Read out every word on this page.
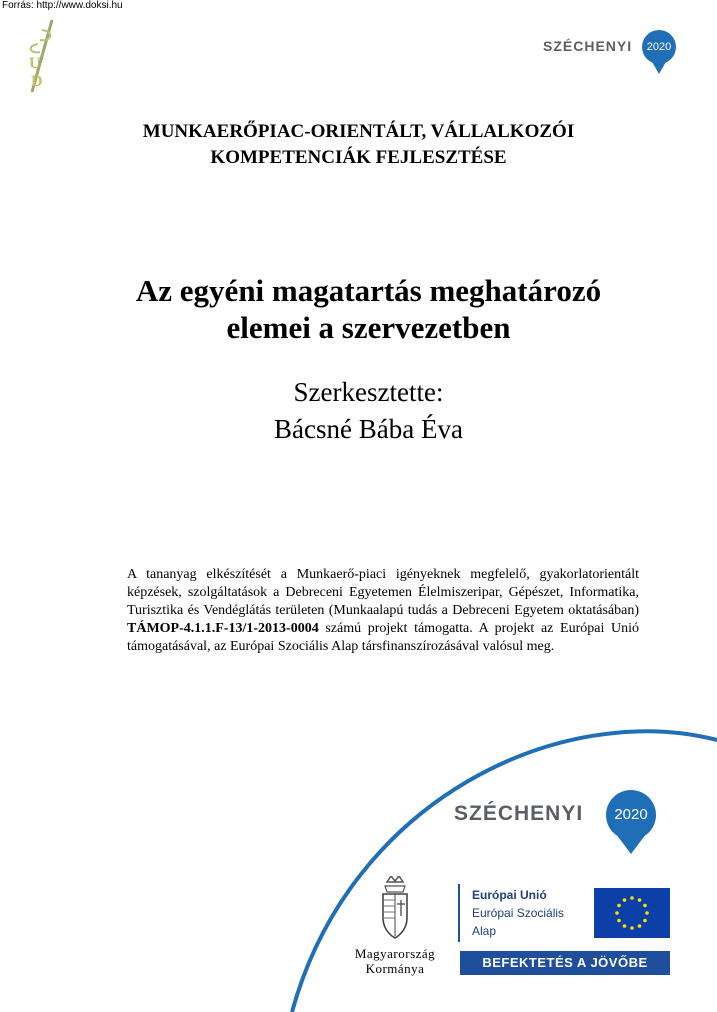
Forrás: http://www.doksi.hu
U
D
SZÉCHENYI	2020
MUNKAERŐPIAC-ORIENTÁLT, VÁLLALKOZÓI
KOMPETENCIÁK FEJLESZTÉSE
Az egyéni magatartás meghatározó
elemei a szervezetben
Szerkesztette:
Bácsné Bába Éva
A tananyag elkészítését a Munkaerő-piaci igényeknek megfelelő, gyakorlatorientált képzések, szolgáltatások a Debreceni Egyetemen Élelmiszeripar, Gépészet, Informatika, Turisztika és Vendéglátás területen (Munkaalapú tudás a Debreceni Egyetem oktatásában) TÁMOP-4.1.1.F-13/1-2013-0004 számú projekt támogatta. A projekt az Európai Unió támogatásával, az Európai Szociális Alap társfinanszírozásával valósul meg.
SZÉCHENYI	2020
Magyarország
Kormánya
Európai Unió
Európai Szociális
Alap
BEFEKTETÉS A JÖVŐBE
